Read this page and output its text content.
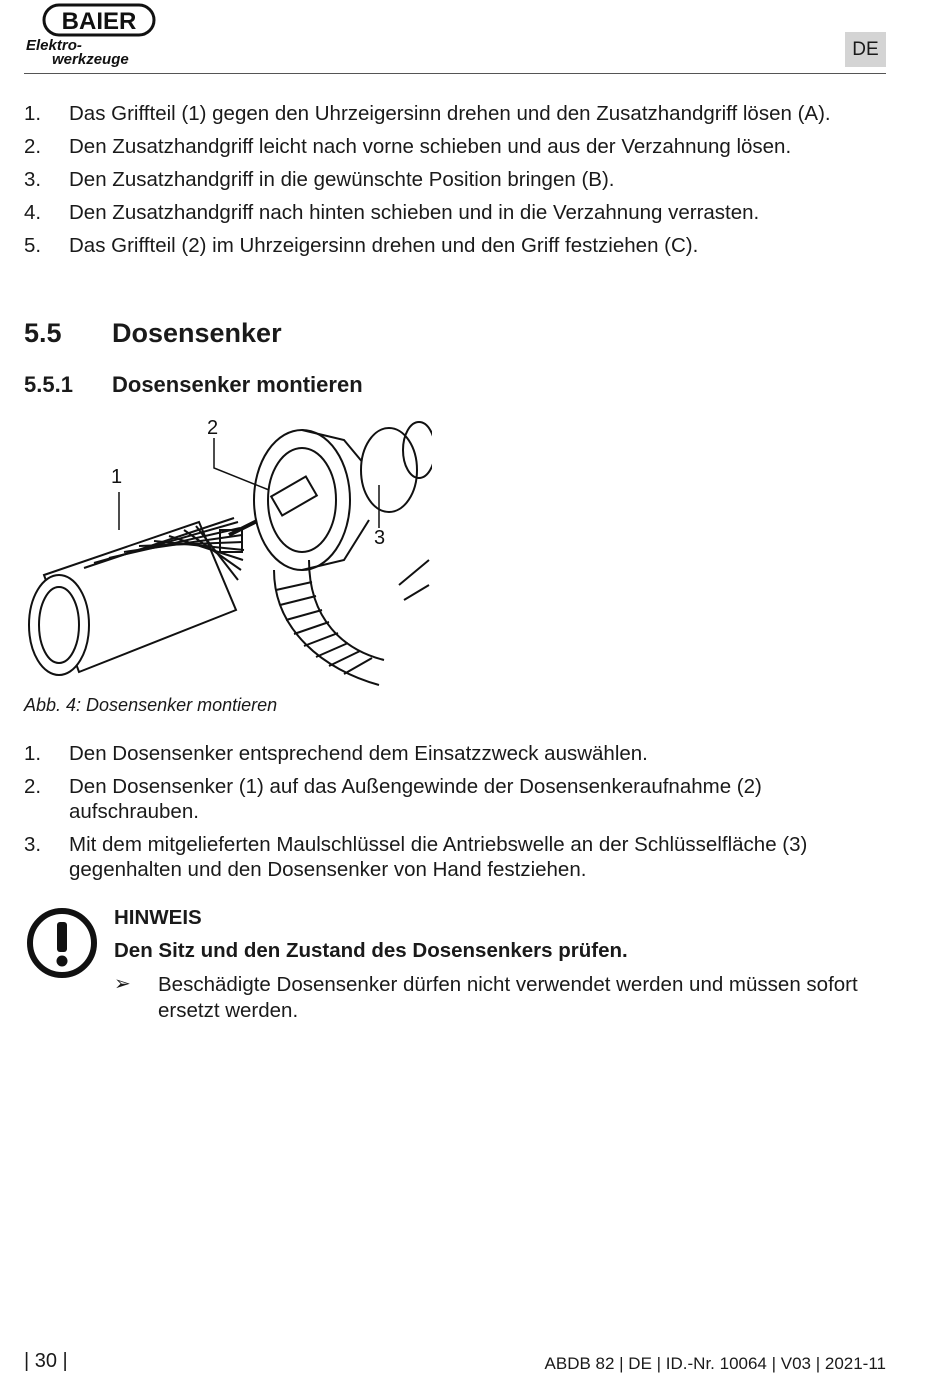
BAIER
Elektro-
werkzeuge	DE
1. Das Griffteil (1) gegen den Uhrzeigersinn drehen und den Zusatzhandgriff lösen (A).
2. Den Zusatzhandgriff leicht nach vorne schieben und aus der Verzahnung lösen.
3. Den Zusatzhandgriff in die gewünschte Position bringen (B).
4. Den Zusatzhandgriff nach hinten schieben und in die Verzahnung verrasten.
5. Das Griffteil (2) im Uhrzeigersinn drehen und den Griff festziehen (C).
5.5 Dosensenker
5.5.1 Dosensenker montieren
2
1
3
Abb. 4: Dosensenker montieren
1. Den Dosensenker entsprechend dem Einsatzzweck auswählen.
2. Den Dosensenker (1) auf das Außengewinde der Dosensenkeraufnahme (2) aufschrauben.
3. Mit dem mitgelieferten Maulschlüssel die Antriebswelle an der Schlüsselfläche (3) gegenhalten und den Dosensenker von Hand festziehen.
HINWEIS
Den Sitz und den Zustand des Dosensenkers prüfen.
➢ Beschädigte Dosensenker dürfen nicht verwendet werden und müssen sofort ersetzt werden.
| 30 |	ABDB 82 | DE | ID.-Nr. 10064 | V03 | 2021-11
